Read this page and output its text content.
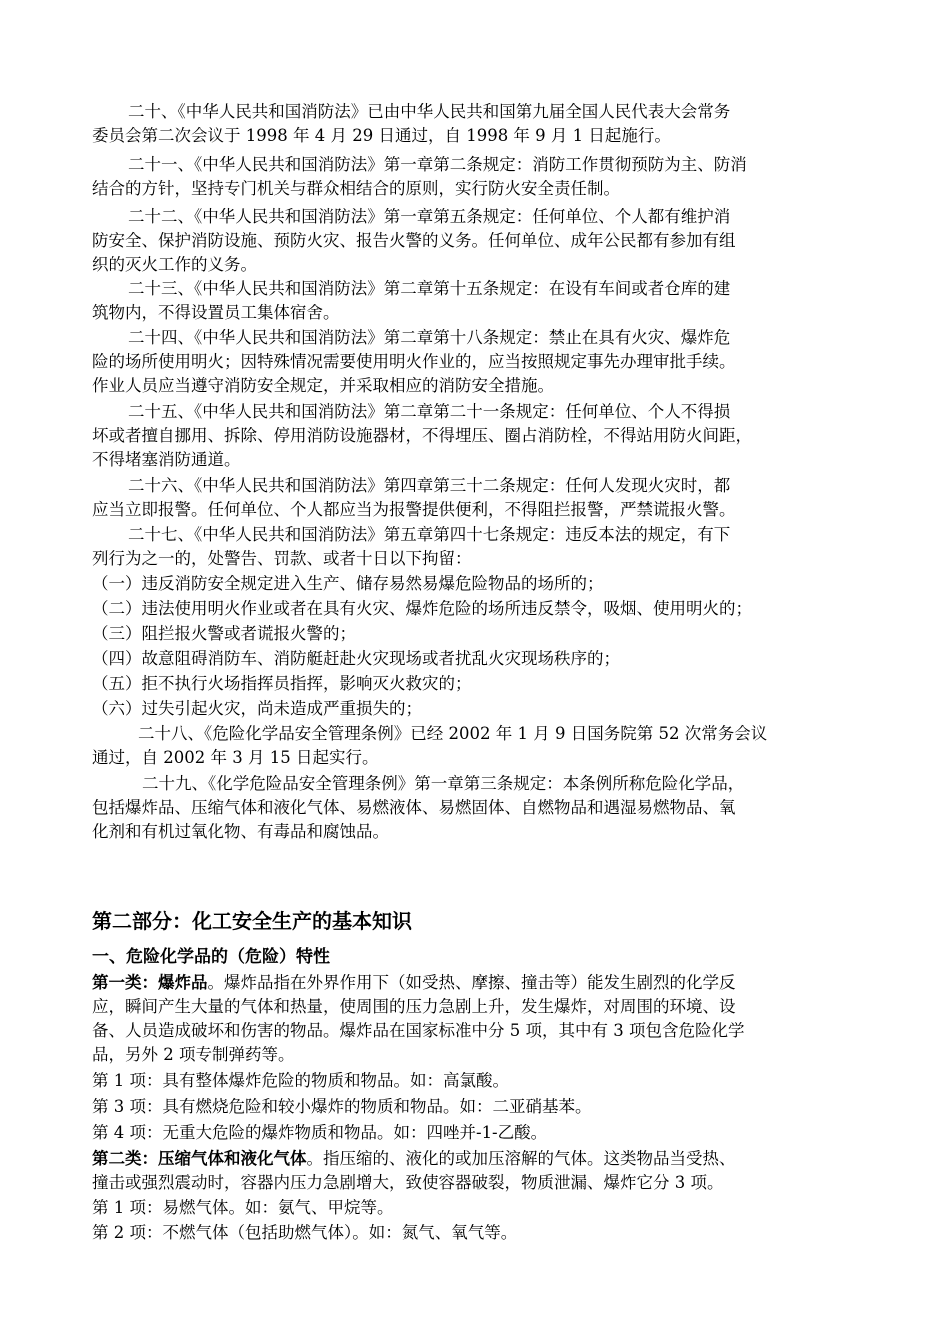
二十、《中华人民共和国消防法》已由中华人民共和国第九届全国人民代表大会常务
委员会第二次会议于 1998 年 4 月 29 日通过，自 1998 年 9 月 1 日起施行。
二十一、《中华人民共和国消防法》第一章第二条规定：消防工作贯彻预防为主、防消
结合的方针，坚持专门机关与群众相结合的原则，实行防火安全责任制。
二十二、《中华人民共和国消防法》第一章第五条规定：任何单位、个人都有维护消
防安全、保护消防设施、预防火灾、报告火警的义务。任何单位、成年公民都有参加有组
织的灭火工作的义务。
二十三、《中华人民共和国消防法》第二章第十五条规定：在设有车间或者仓库的建
筑物内，不得设置员工集体宿舍。
二十四、《中华人民共和国消防法》第二章第十八条规定：禁止在具有火灾、爆炸危
险的场所使用明火；因特殊情况需要使用明火作业的，应当按照规定事先办理审批手续。
作业人员应当遵守消防安全规定，并采取相应的消防安全措施。
二十五、《中华人民共和国消防法》第二章第二十一条规定：任何单位、个人不得损
坏或者擅自挪用、拆除、停用消防设施器材，不得埋压、圈占消防栓，不得站用防火间距，
不得堵塞消防通道。
二十六、《中华人民共和国消防法》第四章第三十二条规定：任何人发现火灾时，都
应当立即报警。任何单位、个人都应当为报警提供便利，不得阻拦报警，严禁谎报火警。
二十七、《中华人民共和国消防法》第五章第四十七条规定：违反本法的规定，有下
列行为之一的，处警告、罚款、或者十日以下拘留：
（一）违反消防安全规定进入生产、储存易然易爆危险物品的场所的；
（二）违法使用明火作业或者在具有火灾、爆炸危险的场所违反禁令，吸烟、使用明火的；
（三）阻拦报火警或者谎报火警的；
（四）故意阻碍消防车、消防艇赶赴火灾现场或者扰乱火灾现场秩序的；
（五）拒不执行火场指挥员指挥，影响灭火救灾的；
（六）过失引起火灾，尚未造成严重损失的；
二十八、《危险化学品安全管理条例》已经 2002 年 1 月 9 日国务院第 52 次常务会议
通过，自 2002 年 3 月 15 日起实行。
二十九、《化学危险品安全管理条例》第一章第三条规定：本条例所称危险化学品，
包括爆炸品、压缩气体和液化气体、易燃液体、易燃固体、自燃物品和遇湿易燃物品、氧
化剂和有机过氧化物、有毒品和腐蚀品。
第二部分：化工安全生产的基本知识
一、危险化学品的（危险）特性
第一类：爆炸品。爆炸品指在外界作用下（如受热、摩擦、撞击等）能发生剧烈的化学反
应，瞬间产生大量的气体和热量，使周围的压力急剧上升，发生爆炸，对周围的环境、设
备、人员造成破坏和伤害的物品。爆炸品在国家标准中分 5 项，其中有 3 项包含危险化学
品，另外 2 项专制弹药等。
第 1 项：具有整体爆炸危险的物质和物品。如：高氯酸。
第 3 项：具有燃烧危险和较小爆炸的物质和物品。如：二亚硝基苯。
第 4 项：无重大危险的爆炸物质和物品。如：四唑并-1-乙酸。
第二类：压缩气体和液化气体。指压缩的、液化的或加压溶解的气体。这类物品当受热、
撞击或强烈震动时，容器内压力急剧增大，致使容器破裂，物质泄漏、爆炸它分 3 项。
第 1 项：易燃气体。如：氨气、甲烷等。
第 2 项：不燃气体（包括助燃气体）。如：氮气、氧气等。
